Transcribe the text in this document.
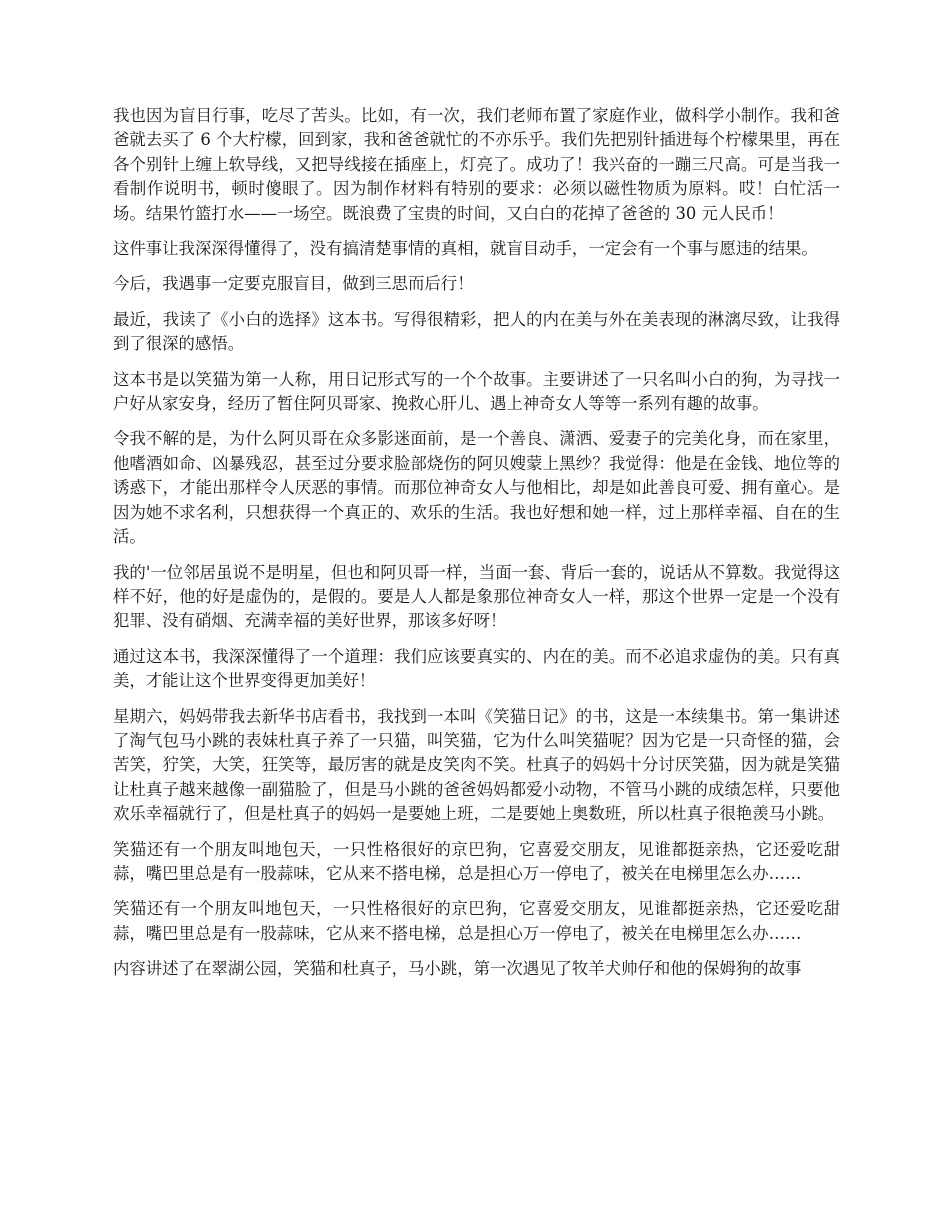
我也因为盲目行事，吃尽了苦头。比如，有一次，我们老师布置了家庭作业，做科学小制作。我和爸爸就去买了 6 个大柠檬，回到家，我和爸爸就忙的不亦乐乎。我们先把别针插进每个柠檬果里，再在各个别针上缠上软导线，又把导线接在插座上，灯亮了。成功了！我兴奋的一蹦三尺高。可是当我一看制作说明书，顿时傻眼了。因为制作材料有特别的要求：必须以磁性物质为原料。哎！白忙活一场。结果竹篮打水——一场空。既浪费了宝贵的时间，又白白的花掉了爸爸的 30 元人民币！

这件事让我深深得懂得了，没有搞清楚事情的真相，就盲目动手，一定会有一个事与愿违的结果。

今后，我遇事一定要克服盲目，做到三思而后行！

最近，我读了《小白的选择》这本书。写得很精彩，把人的内在美与外在美表现的淋漓尽致，让我得到了很深的感悟。

这本书是以笑猫为第一人称，用日记形式写的一个个故事。主要讲述了一只名叫小白的狗，为寻找一户好从家安身，经历了暂住阿贝哥家、挽救心肝儿、遇上神奇女人等等一系列有趣的故事。

令我不解的是，为什么阿贝哥在众多影迷面前，是一个善良、潇洒、爱妻子的完美化身，而在家里，他嗜酒如命、凶暴残忍，甚至过分要求脸部烧伤的阿贝嫂蒙上黑纱？我觉得：他是在金钱、地位等的诱惑下，才能出那样令人厌恶的事情。而那位神奇女人与他相比，却是如此善良可爱、拥有童心。是因为她不求名利，只想获得一个真正的、欢乐的生活。我也好想和她一样，过上那样幸福、自在的生活。

我的'一位邻居虽说不是明星，但也和阿贝哥一样，当面一套、背后一套的，说话从不算数。我觉得这样不好，他的好是虚伪的，是假的。要是人人都是象那位神奇女人一样，那这个世界一定是一个没有犯罪、没有硝烟、充满幸福的美好世界，那该多好呀！

通过这本书，我深深懂得了一个道理：我们应该要真实的、内在的美。而不必追求虚伪的美。只有真美，才能让这个世界变得更加美好！

星期六，妈妈带我去新华书店看书，我找到一本叫《笑猫日记》的书，这是一本续集书。第一集讲述了淘气包马小跳的表妹杜真子养了一只猫，叫笑猫，它为什么叫笑猫呢？因为它是一只奇怪的猫，会苦笑，狞笑，大笑，狂笑等，最厉害的就是皮笑肉不笑。杜真子的妈妈十分讨厌笑猫，因为就是笑猫让杜真子越来越像一副猫脸了，但是马小跳的爸爸妈妈都爱小动物，不管马小跳的成绩怎样，只要他欢乐幸福就行了，但是杜真子的妈妈一是要她上班，二是要她上奥数班，所以杜真子很艳羡马小跳。

笑猫还有一个朋友叫地包天，一只性格很好的京巴狗，它喜爱交朋友，见谁都挺亲热，它还爱吃甜蒜，嘴巴里总是有一股蒜味，它从来不搭电梯，总是担心万一停电了，被关在电梯里怎么办……

笑猫还有一个朋友叫地包天，一只性格很好的京巴狗，它喜爱交朋友，见谁都挺亲热，它还爱吃甜蒜，嘴巴里总是有一股蒜味，它从来不搭电梯，总是担心万一停电了，被关在电梯里怎么办……

内容讲述了在翠湖公园，笑猫和杜真子，马小跳，第一次遇见了牧羊犬帅仔和他的保姆狗的故事
